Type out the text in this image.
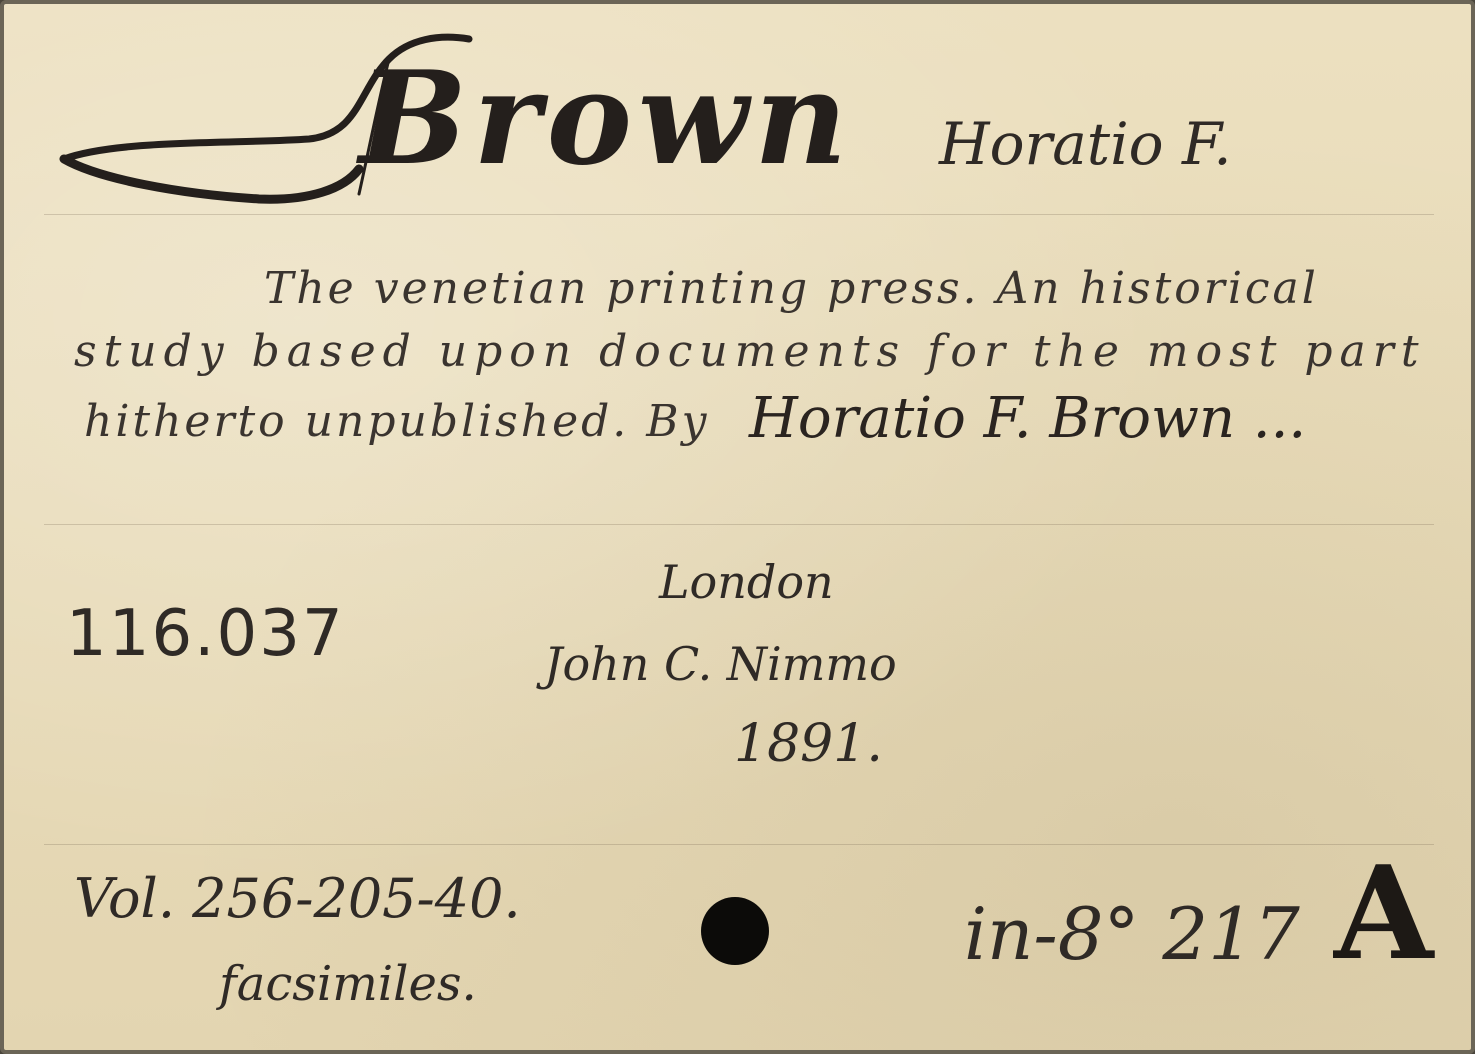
Brown Horatio F.

The venetian printing press. An historical

study based upon documents for the most part

hitherto unpublished. By Horatio F. Brown ...

116.037

London

John C. Nimmo

1891.

Vol. 256-205-40.

facsimiles.

in-8° 217 A
